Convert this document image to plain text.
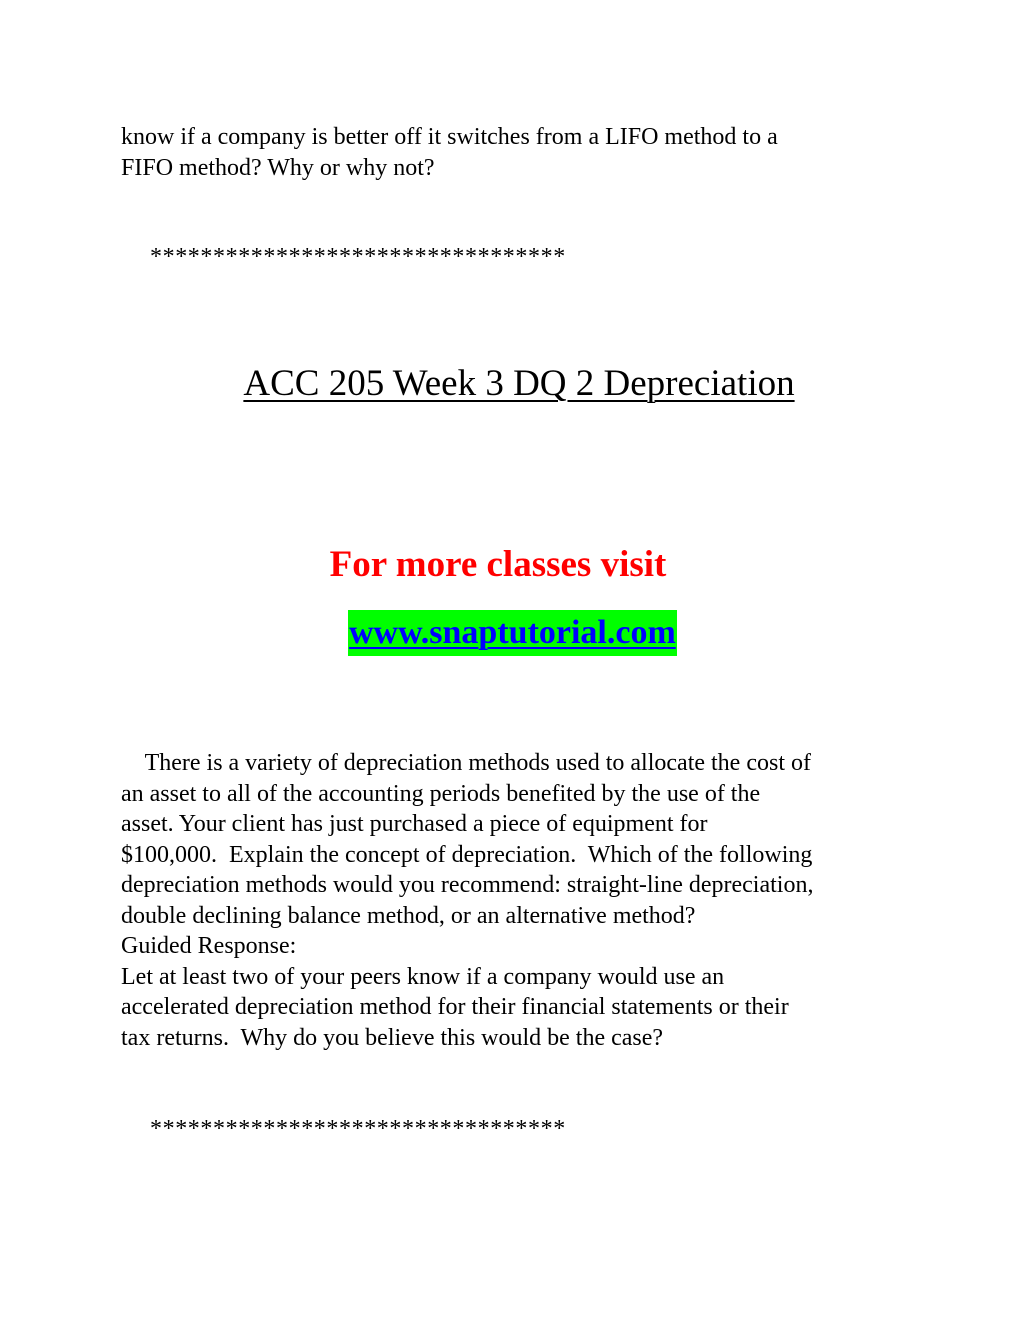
know if a company is better off it switches from a LIFO method to a

FIFO method? Why or why not?

*********************************

ACC 205 Week 3 DQ 2 Depreciation

For more classes visit

www.snaptutorial.com

There is a variety of depreciation methods used to allocate the cost of

an asset to all of the accounting periods benefited by the use of the

asset. Your client has just purchased a piece of equipment for

$100,000.  Explain the concept of depreciation.  Which of the following

depreciation methods would you recommend: straight-line depreciation,

double declining balance method, or an alternative method?

Guided Response:

Let at least two of your peers know if a company would use an

accelerated depreciation method for their financial statements or their

tax returns.  Why do you believe this would be the case?

*********************************
